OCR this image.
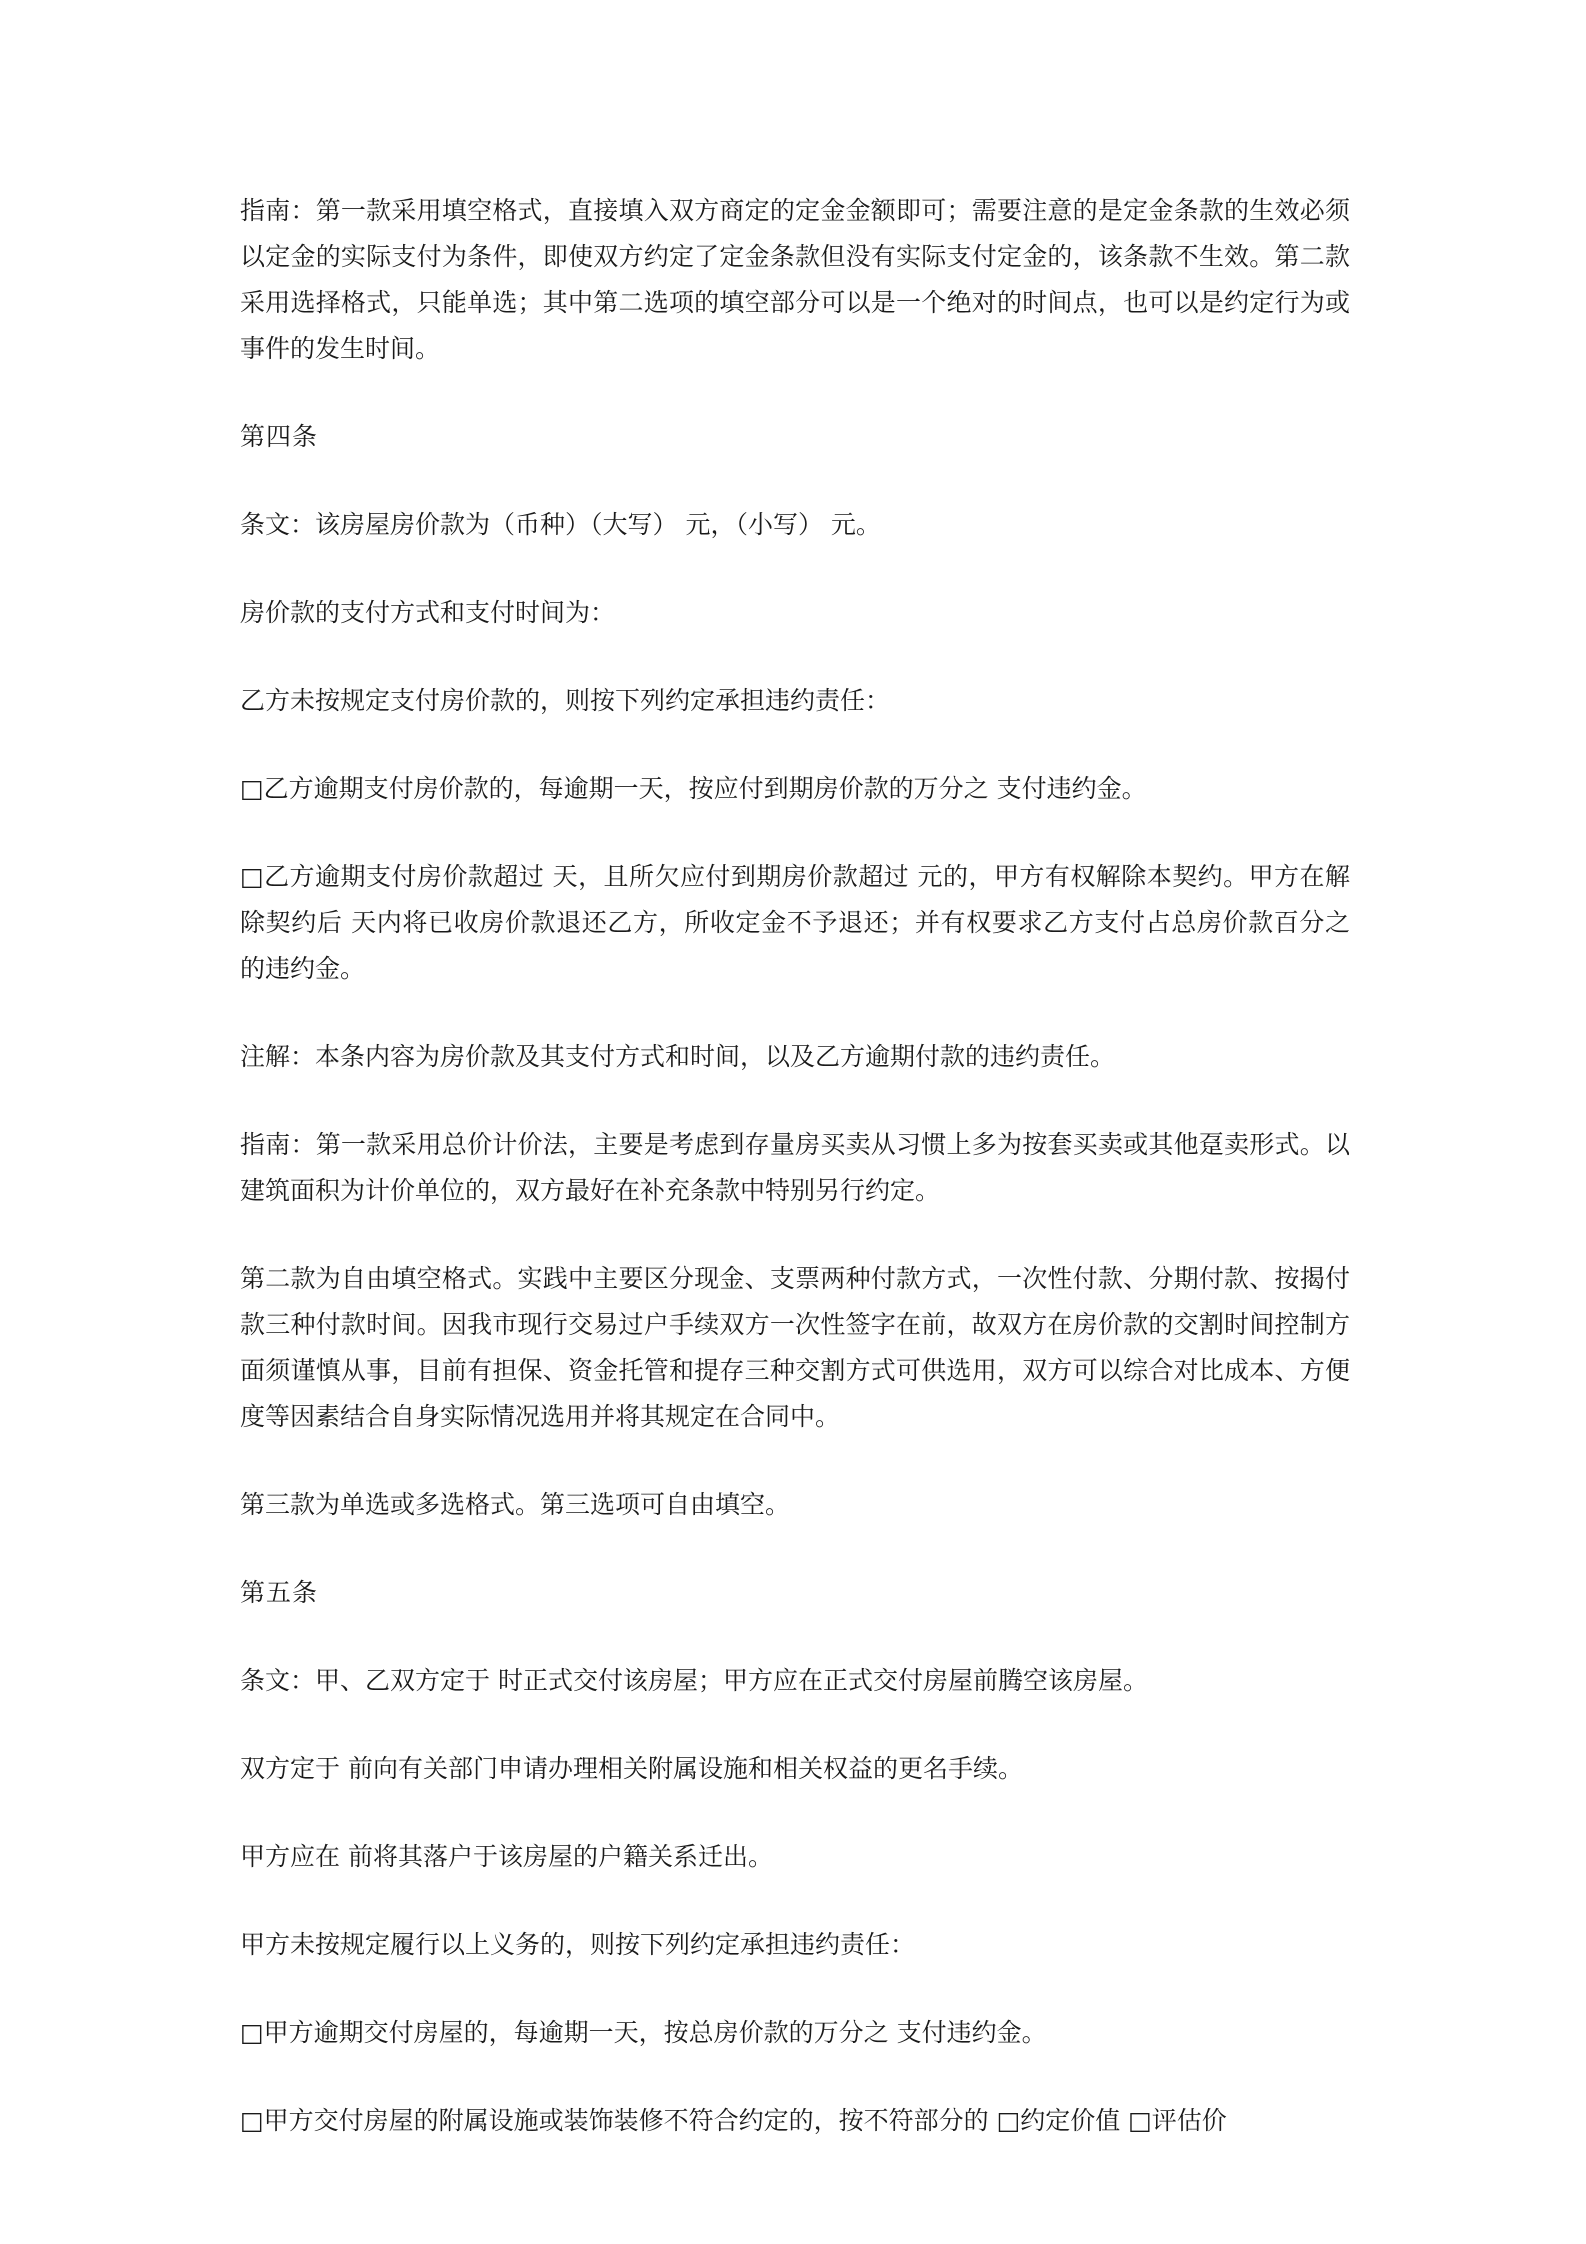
指南：第一款采用填空格式，直接填入双方商定的定金金额即可；需要注意的是定金条款的生效必须以定金的实际支付为条件，即使双方约定了定金条款但没有实际支付定金的，该条款不生效。第二款采用选择格式，只能单选；其中第二选项的填空部分可以是一个绝对的时间点，也可以是约定行为或事件的发生时间。

第四条

条文：该房屋房价款为（币种）（大写） 元，（小写） 元。

房价款的支付方式和支付时间为：

乙方未按规定支付房价款的，则按下列约定承担违约责任：

□乙方逾期支付房价款的，每逾期一天，按应付到期房价款的万分之 支付违约金。

□乙方逾期支付房价款超过 天，且所欠应付到期房价款超过 元的，甲方有权解除本契约。甲方在解除契约后 天内将已收房价款退还乙方，所收定金不予退还；并有权要求乙方支付占总房价款百分之 的违约金。

注解：本条内容为房价款及其支付方式和时间，以及乙方逾期付款的违约责任。

指南：第一款采用总价计价法，主要是考虑到存量房买卖从习惯上多为按套买卖或其他趸卖形式。以建筑面积为计价单位的，双方最好在补充条款中特别另行约定。

第二款为自由填空格式。实践中主要区分现金、支票两种付款方式，一次性付款、分期付款、按揭付款三种付款时间。因我市现行交易过户手续双方一次性签字在前，故双方在房价款的交割时间控制方面须谨慎从事，目前有担保、资金托管和提存三种交割方式可供选用，双方可以综合对比成本、方便度等因素结合自身实际情况选用并将其规定在合同中。

第三款为单选或多选格式。第三选项可自由填空。

第五条

条文：甲、乙双方定于 时正式交付该房屋；甲方应在正式交付房屋前腾空该房屋。

双方定于 前向有关部门申请办理相关附属设施和相关权益的更名手续。

甲方应在 前将其落户于该房屋的户籍关系迁出。

甲方未按规定履行以上义务的，则按下列约定承担违约责任：

□甲方逾期交付房屋的，每逾期一天，按总房价款的万分之 支付违约金。

□甲方交付房屋的附属设施或装饰装修不符合约定的，按不符部分的 □约定价值 □评估价
